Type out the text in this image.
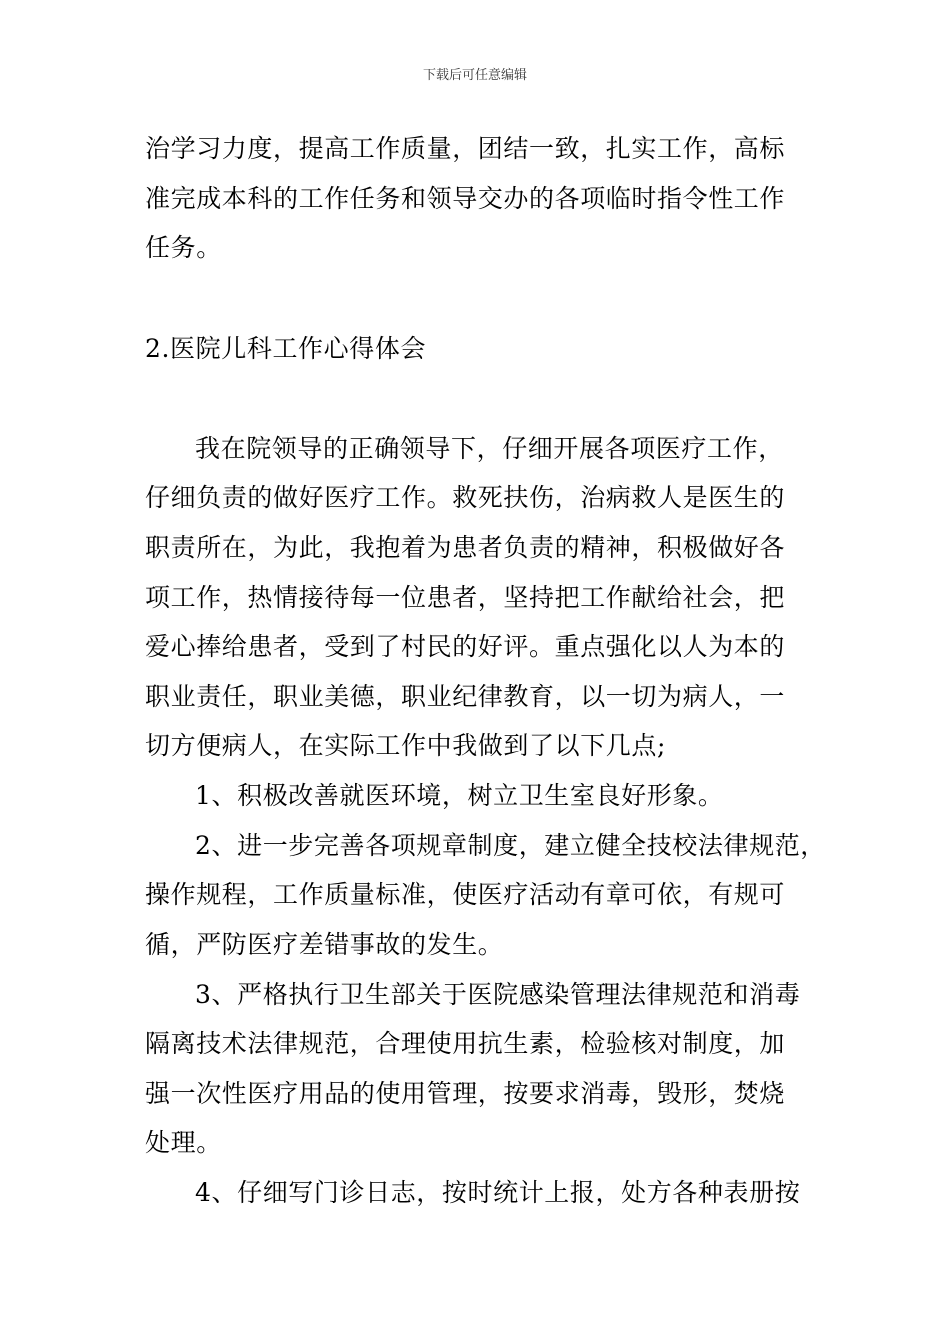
下载后可任意编辑
治学习力度，提高工作质量，团结一致，扎实工作，高标
准完成本科的工作任务和领导交办的各项临时指令性工作
任务。
2.医院儿科工作心得体会
我在院领导的正确领导下，仔细开展各项医疗工作，
仔细负责的做好医疗工作。救死扶伤，治病救人是医生的
职责所在，为此，我抱着为患者负责的精神，积极做好各
项工作，热情接待每一位患者，坚持把工作献给社会，把
爱心捧给患者，受到了村民的好评。重点强化以人为本的
职业责任，职业美德，职业纪律教育，以一切为病人，一
切方便病人，在实际工作中我做到了以下几点;
1、积极改善就医环境，树立卫生室良好形象。
2、进一步完善各项规章制度，建立健全技校法律规范，
操作规程，工作质量标准，使医疗活动有章可依，有规可
循，严防医疗差错事故的发生。
3、严格执行卫生部关于医院感染管理法律规范和消毒
隔离技术法律规范，合理使用抗生素，检验核对制度，加
强一次性医疗用品的使用管理，按要求消毒，毁形，焚烧
处理。
4、仔细写门诊日志，按时统计上报，处方各种表册按
